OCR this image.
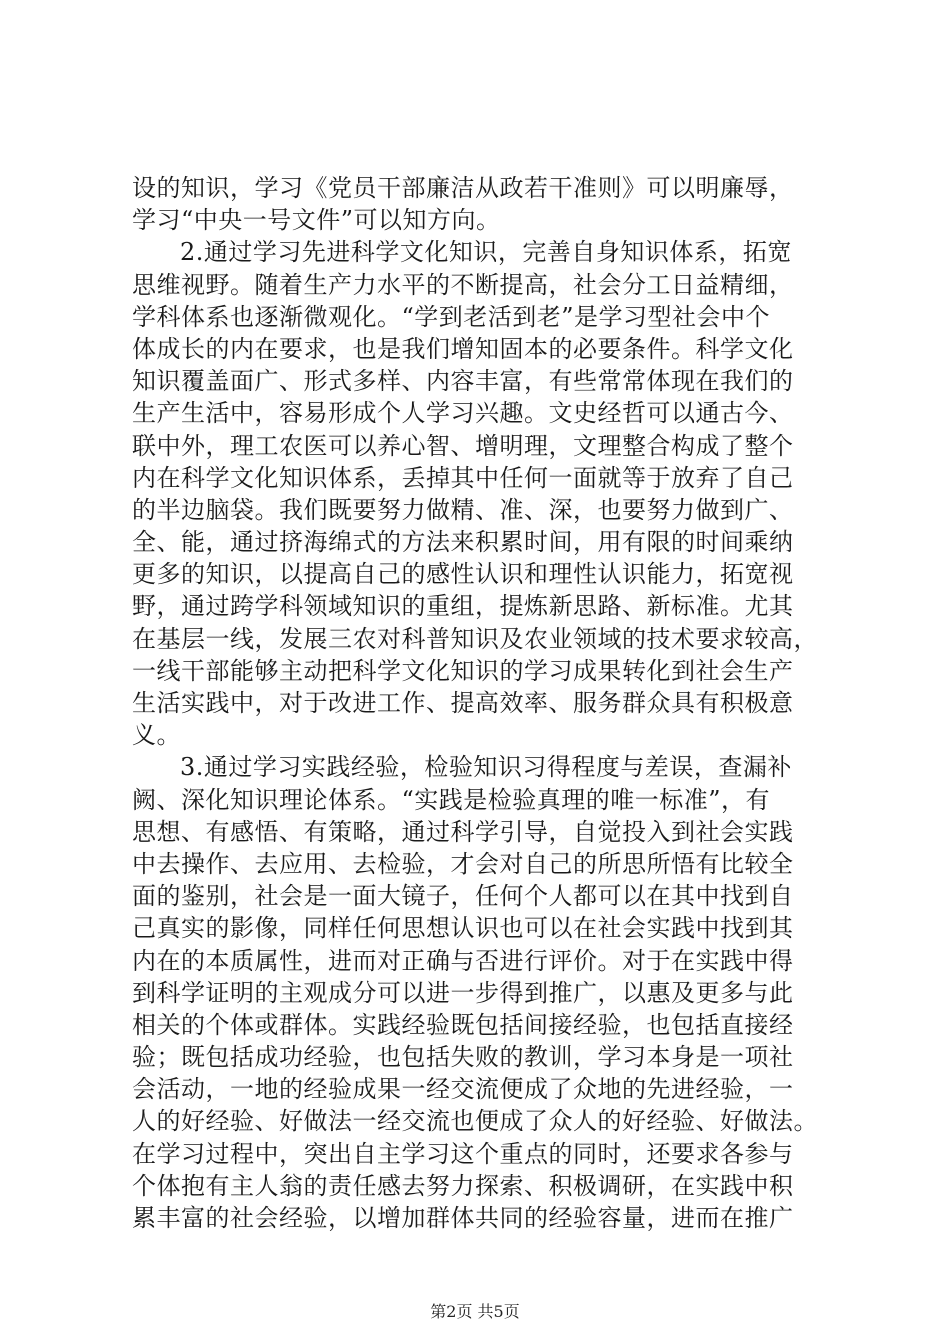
设的知识，学习《党员干部廉洁从政若干准则》可以明廉辱，
学习“中央一号文件”可以知方向。
2.通过学习先进科学文化知识，完善自身知识体系，拓宽
思维视野。随着生产力水平的不断提高，社会分工日益精细，
学科体系也逐渐微观化。“学到老活到老”是学习型社会中个
体成长的内在要求，也是我们增知固本的必要条件。科学文化
知识覆盖面广、形式多样、内容丰富，有些常常体现在我们的
生产生活中，容易形成个人学习兴趣。文史经哲可以通古今、
联中外，理工农医可以养心智、增明理，文理整合构成了整个
内在科学文化知识体系，丢掉其中任何一面就等于放弃了自己
的半边脑袋。我们既要努力做精、准、深，也要努力做到广、
全、能，通过挤海绵式的方法来积累时间，用有限的时间乘纳
更多的知识，以提高自己的感性认识和理性认识能力，拓宽视
野，通过跨学科领域知识的重组，提炼新思路、新标准。尤其
在基层一线，发展三农对科普知识及农业领域的技术要求较高，
一线干部能够主动把科学文化知识的学习成果转化到社会生产
生活实践中，对于改进工作、提高效率、服务群众具有积极意
义。
3.通过学习实践经验，检验知识习得程度与差误，查漏补
阙、深化知识理论体系。“实践是检验真理的唯一标准”，有
思想、有感悟、有策略，通过科学引导，自觉投入到社会实践
中去操作、去应用、去检验，才会对自己的所思所悟有比较全
面的鉴别，社会是一面大镜子，任何个人都可以在其中找到自
己真实的影像，同样任何思想认识也可以在社会实践中找到其
内在的本质属性，进而对正确与否进行评价。对于在实践中得
到科学证明的主观成分可以进一步得到推广，以惠及更多与此
相关的个体或群体。实践经验既包括间接经验，也包括直接经
验；既包括成功经验，也包括失败的教训，学习本身是一项社
会活动，一地的经验成果一经交流便成了众地的先进经验，一
人的好经验、好做法一经交流也便成了众人的好经验、好做法。
在学习过程中，突出自主学习这个重点的同时，还要求各参与
个体抱有主人翁的责任感去努力探索、积极调研，在实践中积
累丰富的社会经验，以增加群体共同的经验容量，进而在推广
第2页 共5页
